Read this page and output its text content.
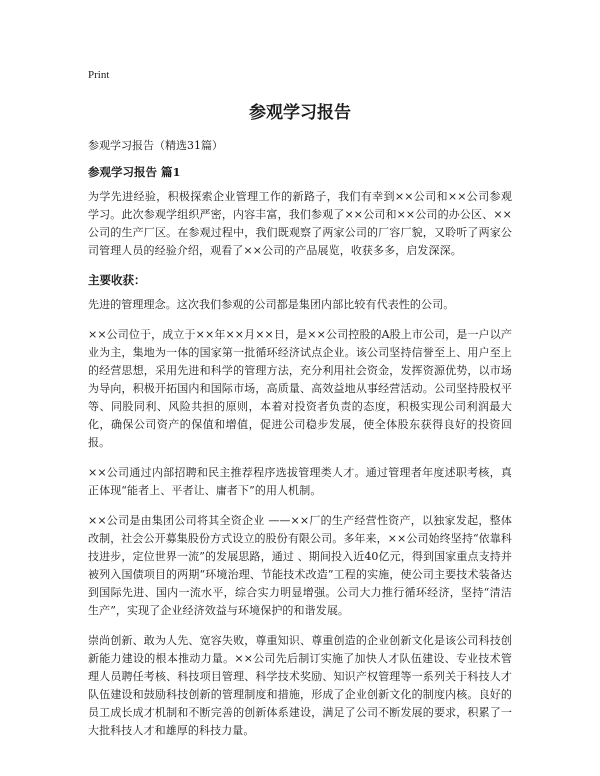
Print
参观学习报告
参观学习报告（精选31篇）
参观学习报告 篇1

为学先进经验，积极探索企业管理工作的新路子，我们有幸到××公司和××公司参观学习。此次参观学组织严密，内容丰富，我们参观了××公司和××公司的办公区、××公司的生产厂区。在参观过程中，我们既观察了两家公司的厂容厂貌，又聆听了两家公司管理人员的经验介绍，观看了××公司的产品展览，收获多多，启发深深。

主要收获：

先进的管理理念。这次我们参观的公司都是集团内部比较有代表性的公司。

××公司位于，成立于××年××月××日，是××公司控股的A股上市公司，是一户以产业为主，集地为一体的国家第一批循环经济试点企业。该公司坚持信誉至上、用户至上的经营思想，采用先进和科学的管理方法，充分利用社会资金，发挥资源优势，以市场为导向，积极开拓国内和国际市场，高质量、高效益地从事经营活动。公司坚持股权平等、同股同利、风险共担的原则，本着对投资者负责的态度，积极实现公司利润最大化，确保公司资产的保值和增值，促进公司稳步发展，使全体股东获得良好的投资回报。

××公司通过内部招聘和民主推荐程序选拔管理类人才。通过管理者年度述职考核，真正体现“能者上、平者让、庸者下”的用人机制。

××公司是由集团公司将其全资企业 ——××厂的生产经营性资产，以独家发起，整体改制，社会公开募集股份方式设立的股份有限公司。多年来，××公司始终坚持“依靠科技进步，定位世界一流”的发展思路，通过 、期间投入近40亿元，得到国家重点支持并被列入国债项目的两期“环境治理、节能技术改造”工程的实施，使公司主要技术装备达到国际先进、国内一流水平，综合实力明显增强。公司大力推行循环经济，坚持“清洁生产”，实现了企业经济效益与环境保护的和谐发展。

崇尚创新、敢为人先、宽容失败，尊重知识、尊重创造的企业创新文化是该公司科技创新能力建设的根本推动力量。××公司先后制订实施了加快人才队伍建设、专业技术管理人员聘任考核、科技项目管理、科学技术奖励、知识产权管理等一系列关于科技人才队伍建设和鼓励科技创新的管理制度和措施，形成了企业创新文化的制度内核。良好的员工成长成才机制和不断完善的创新体系建设，满足了公司不断发展的要求，积累了一大批科技人才和雄厚的科技力量。
